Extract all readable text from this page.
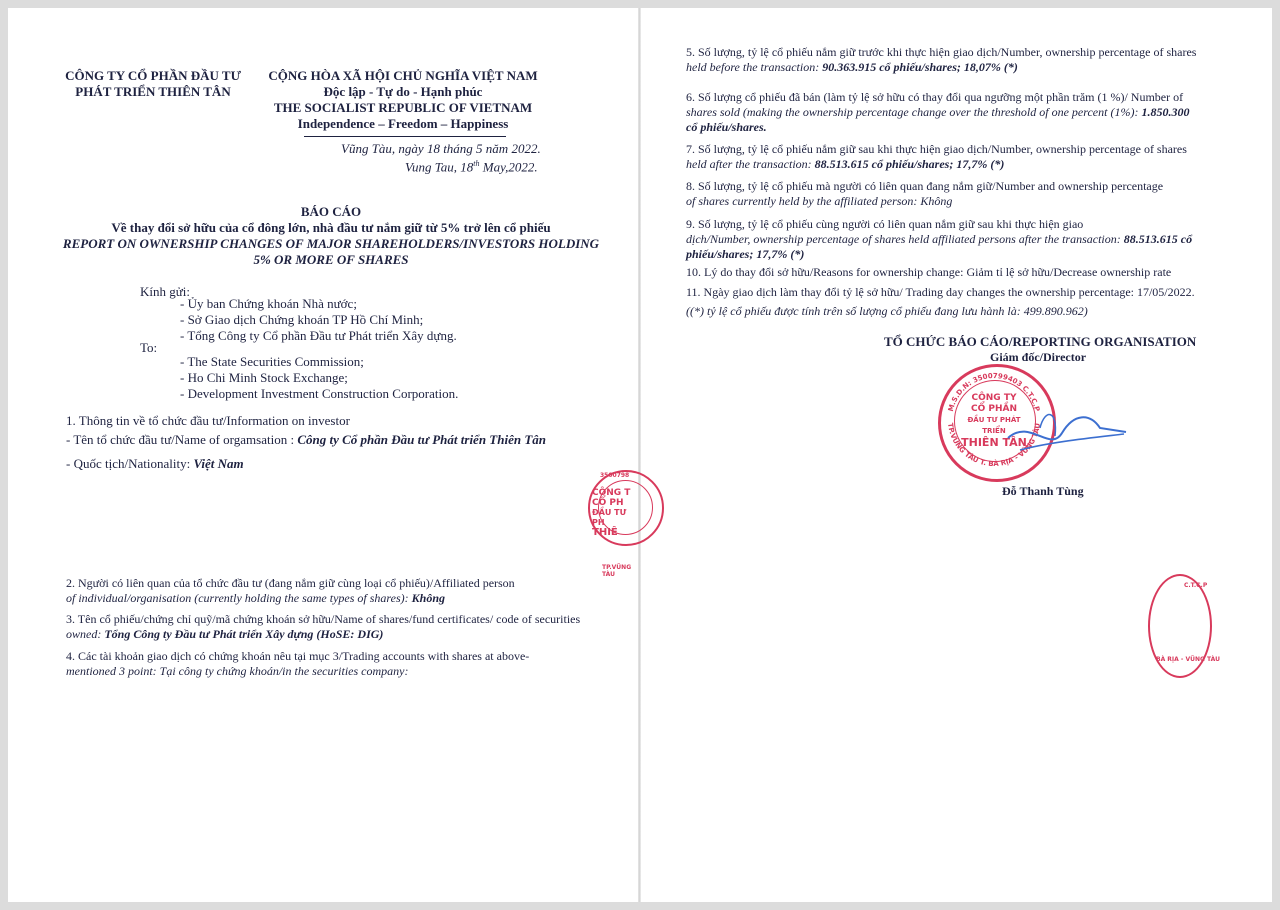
CÔNG TY CỔ PHẦN ĐẦU TƯ
PHÁT TRIỂN THIÊN TÂN
CỘNG HÒA XÃ HỘI CHỦ NGHĨA VIỆT NAM
Độc lập - Tự do - Hạnh phúc
THE SOCIALIST REPUBLIC OF VIETNAM
Independence – Freedom – Happiness
Vũng Tàu, ngày 18 tháng 5 năm 2022.
Vung Tau, 18th May,2022.
BÁO CÁO
Về thay đổi sở hữu của cổ đông lớn, nhà đầu tư nắm giữ từ 5% trở lên cổ phiếu
REPORT ON OWNERSHIP CHANGES OF MAJOR SHAREHOLDERS/INVESTORS HOLDING
5% OR MORE OF SHARES
Kính gửi:
- Ủy ban Chứng khoán Nhà nước;
- Sở Giao dịch Chứng khoán TP Hồ Chí Minh;
- Tổng Công ty Cổ phần Đầu tư Phát triển Xây dựng.
To:
- The State Securities Commission;
- Ho Chi Minh Stock Exchange;
- Development Investment Construction Corporation.
1. Thông tin về tổ chức đầu tư/Information on investor
- Tên tổ chức đầu tư/Name of orgamsation : Công ty Cổ phần Đầu tư Phát triển Thiên Tân
- Quốc tịch/Nationality: Việt Nam
CÔNG T
CỔ PH
ĐẦU TƯ PH
THIÊ
3500798
TP.VŨNG TÀU
2. Người có liên quan của tổ chức đầu tư (đang nắm giữ cùng loại cổ phiếu)/Affiliated person
of individual/organisation (currently holding the same types of shares): Không
3. Tên cổ phiếu/chứng chỉ quỹ/mã chứng khoán sở hữu/Name of shares/fund certificates/ code of securities
owned: Tổng Công ty Đầu tư Phát triển Xây dựng (HoSE: DIG)
4. Các tài khoản giao dịch có chứng khoán nêu tại mục 3/Trading accounts with shares at above-
mentioned 3 point: Tại công ty chứng khoán/in the securities company:
5. Số lượng, tỷ lệ cổ phiếu nắm giữ trước khi thực hiện giao dịch/Number, ownership percentage of shares
held before the transaction: 90.363.915 cổ phiếu/shares; 18,07% (*)
6. Số lượng cổ phiếu đã bán (làm tỷ lệ sở hữu có thay đổi qua ngưỡng một phần trăm (1 %)/ Number of
shares sold (making the ownership percentage change over the threshold of one percent (1%): 1.850.300
cổ phiếu/shares.
7. Số lượng, tỷ lệ cổ phiếu nắm giữ sau khi thực hiện giao dịch/Number, ownership percentage of shares
held after the transaction: 88.513.615 cổ phiếu/shares; 17,7% (*)
8. Số lượng, tỷ lệ cổ phiếu mà người có liên quan đang nắm giữ/Number and ownership percentage
of shares currently held by the affiliated person: Không
9. Số lượng, tỷ lệ cổ phiếu cùng người có liên quan nắm giữ sau khi thực hiện giao
dịch/Number, ownership percentage of shares held affiliated persons after the transaction: 88.513.615 cổ
phiếu/shares; 17,7% (*)
10. Lý do thay đổi sở hữu/Reasons for ownership change: Giảm tỉ lệ sở hữu/Decrease ownership rate
11. Ngày giao dịch làm thay đổi tỷ lệ sở hữu/ Trading day changes the ownership percentage: 17/05/2022.
((*) tỷ lệ cổ phiếu được tính trên số lượng cổ phiếu đang lưu hành là: 499.890.962)
TỔ CHỨC BÁO CÁO/REPORTING ORGANISATION
Giám đốc/Director
M.S.D.N: 3500799403 C.T.C.P
TP.VŨNG TÀU T. BÀ RỊA - VŨNG TÀU
CÔNG TY
CỔ PHẦN
ĐẦU TƯ PHÁT TRIỂN
THIÊN TÂN
Đỗ Thanh Tùng
C.T.C.P
BÀ RỊA - VŨNG TÀU
